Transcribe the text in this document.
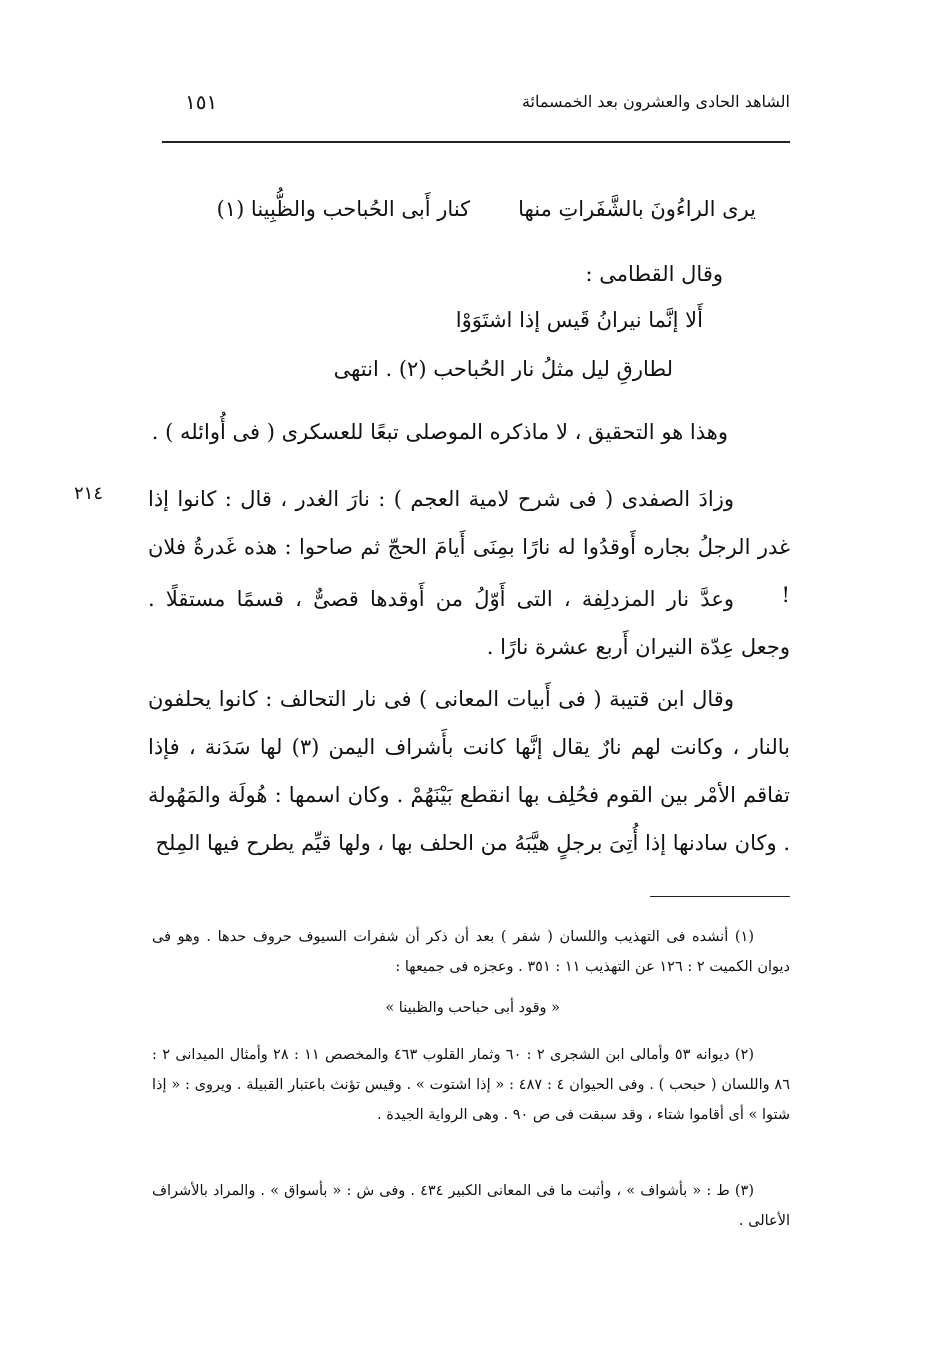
الشاهد الحادى والعشرون بعد الخمسمائة
١٥١
يرى الراءُونَ بالشَّفَراتِ منهاكنار أَبى الحُباحب والظُّبِينا (١)
وقال القطامى :
أَلا إنَّما نيرانُ قَيس إذا اشتَوَوْا
لطارقِ ليل مثلُ نار الحُباحب (٢) . انتهى
وهذا هو التحقيق ، لا ماذكره الموصلى تبعًا للعسكرى ( فى أُوائله ) .
٢١٤ وزادَ الصفدى ( فى شرح لامية العجم ) : نارَ الغدر ، قال : كانوا إذا غدر الرجلُ بجاره أَوقدُوا له نارًا بمِنَى أَيامَ الحجّ ثم صاحوا : هذه غَدرةُ فلان !
وعدَّ نار المزدلِفة ، التى أَوّلُ من أَوقدها قصىٌّ ، قسمًا مستقلًا . وجعل عِدّة النيران أَربع عشرة نارًا .
وقال ابن قتيبة ( فى أَبيات المعانى ) فى نار التحالف : كانوا يحلفون بالنار ، وكانت لهم نارٌ يقال إنَّها كانت بأَشراف اليمن (٣) لها سَدَنة ، فإذا تفاقم الأمْر بين القوم فحُلِف بها انقطع بَيْنَهُمْ . وكان اسمها : هُولَة والمَهُولة . وكان سادنها إذا أُتِىَ برجلٍ هيَّبَهُ من الحلف بها ، ولها قيِّم يطرح فيها المِلح
(١) أنشده فى التهذيب واللسان ( شفر ) بعد أن ذكر أن شفرات السيوف حروف حدها . وهو فى ديوان الكميت ٢ : ١٢٦ عن التهذيب ١١ : ٣٥١ . وعجزه فى جميعها :
« وقود أبى حباحب والظبينا »
(٢) ديوانه ٥٣ وأمالى ابن الشجرى ٢ : ٦٠ وثمار القلوب ٤٦٣ والمخصص ١١ : ٢٨ وأمثال الميدانى ٢ : ٨٦ واللسان ( حبحب ) . وفى الحيوان ٤ : ٤٨٧ : « إذا اشتوت » . وقيس تؤنث باعتبار القبيلة . ويروى : « إذا شتوا » أى أقاموا شتاء ، وقد سبقت فى ص ٩٠ . وهى الرواية الجيدة .
(٣) ط : « بأشواف » ، وأثبت ما فى المعانى الكبير ٤٣٤ . وفى ش : « بأسواق » . والمراد بالأشراف الأعالى .
